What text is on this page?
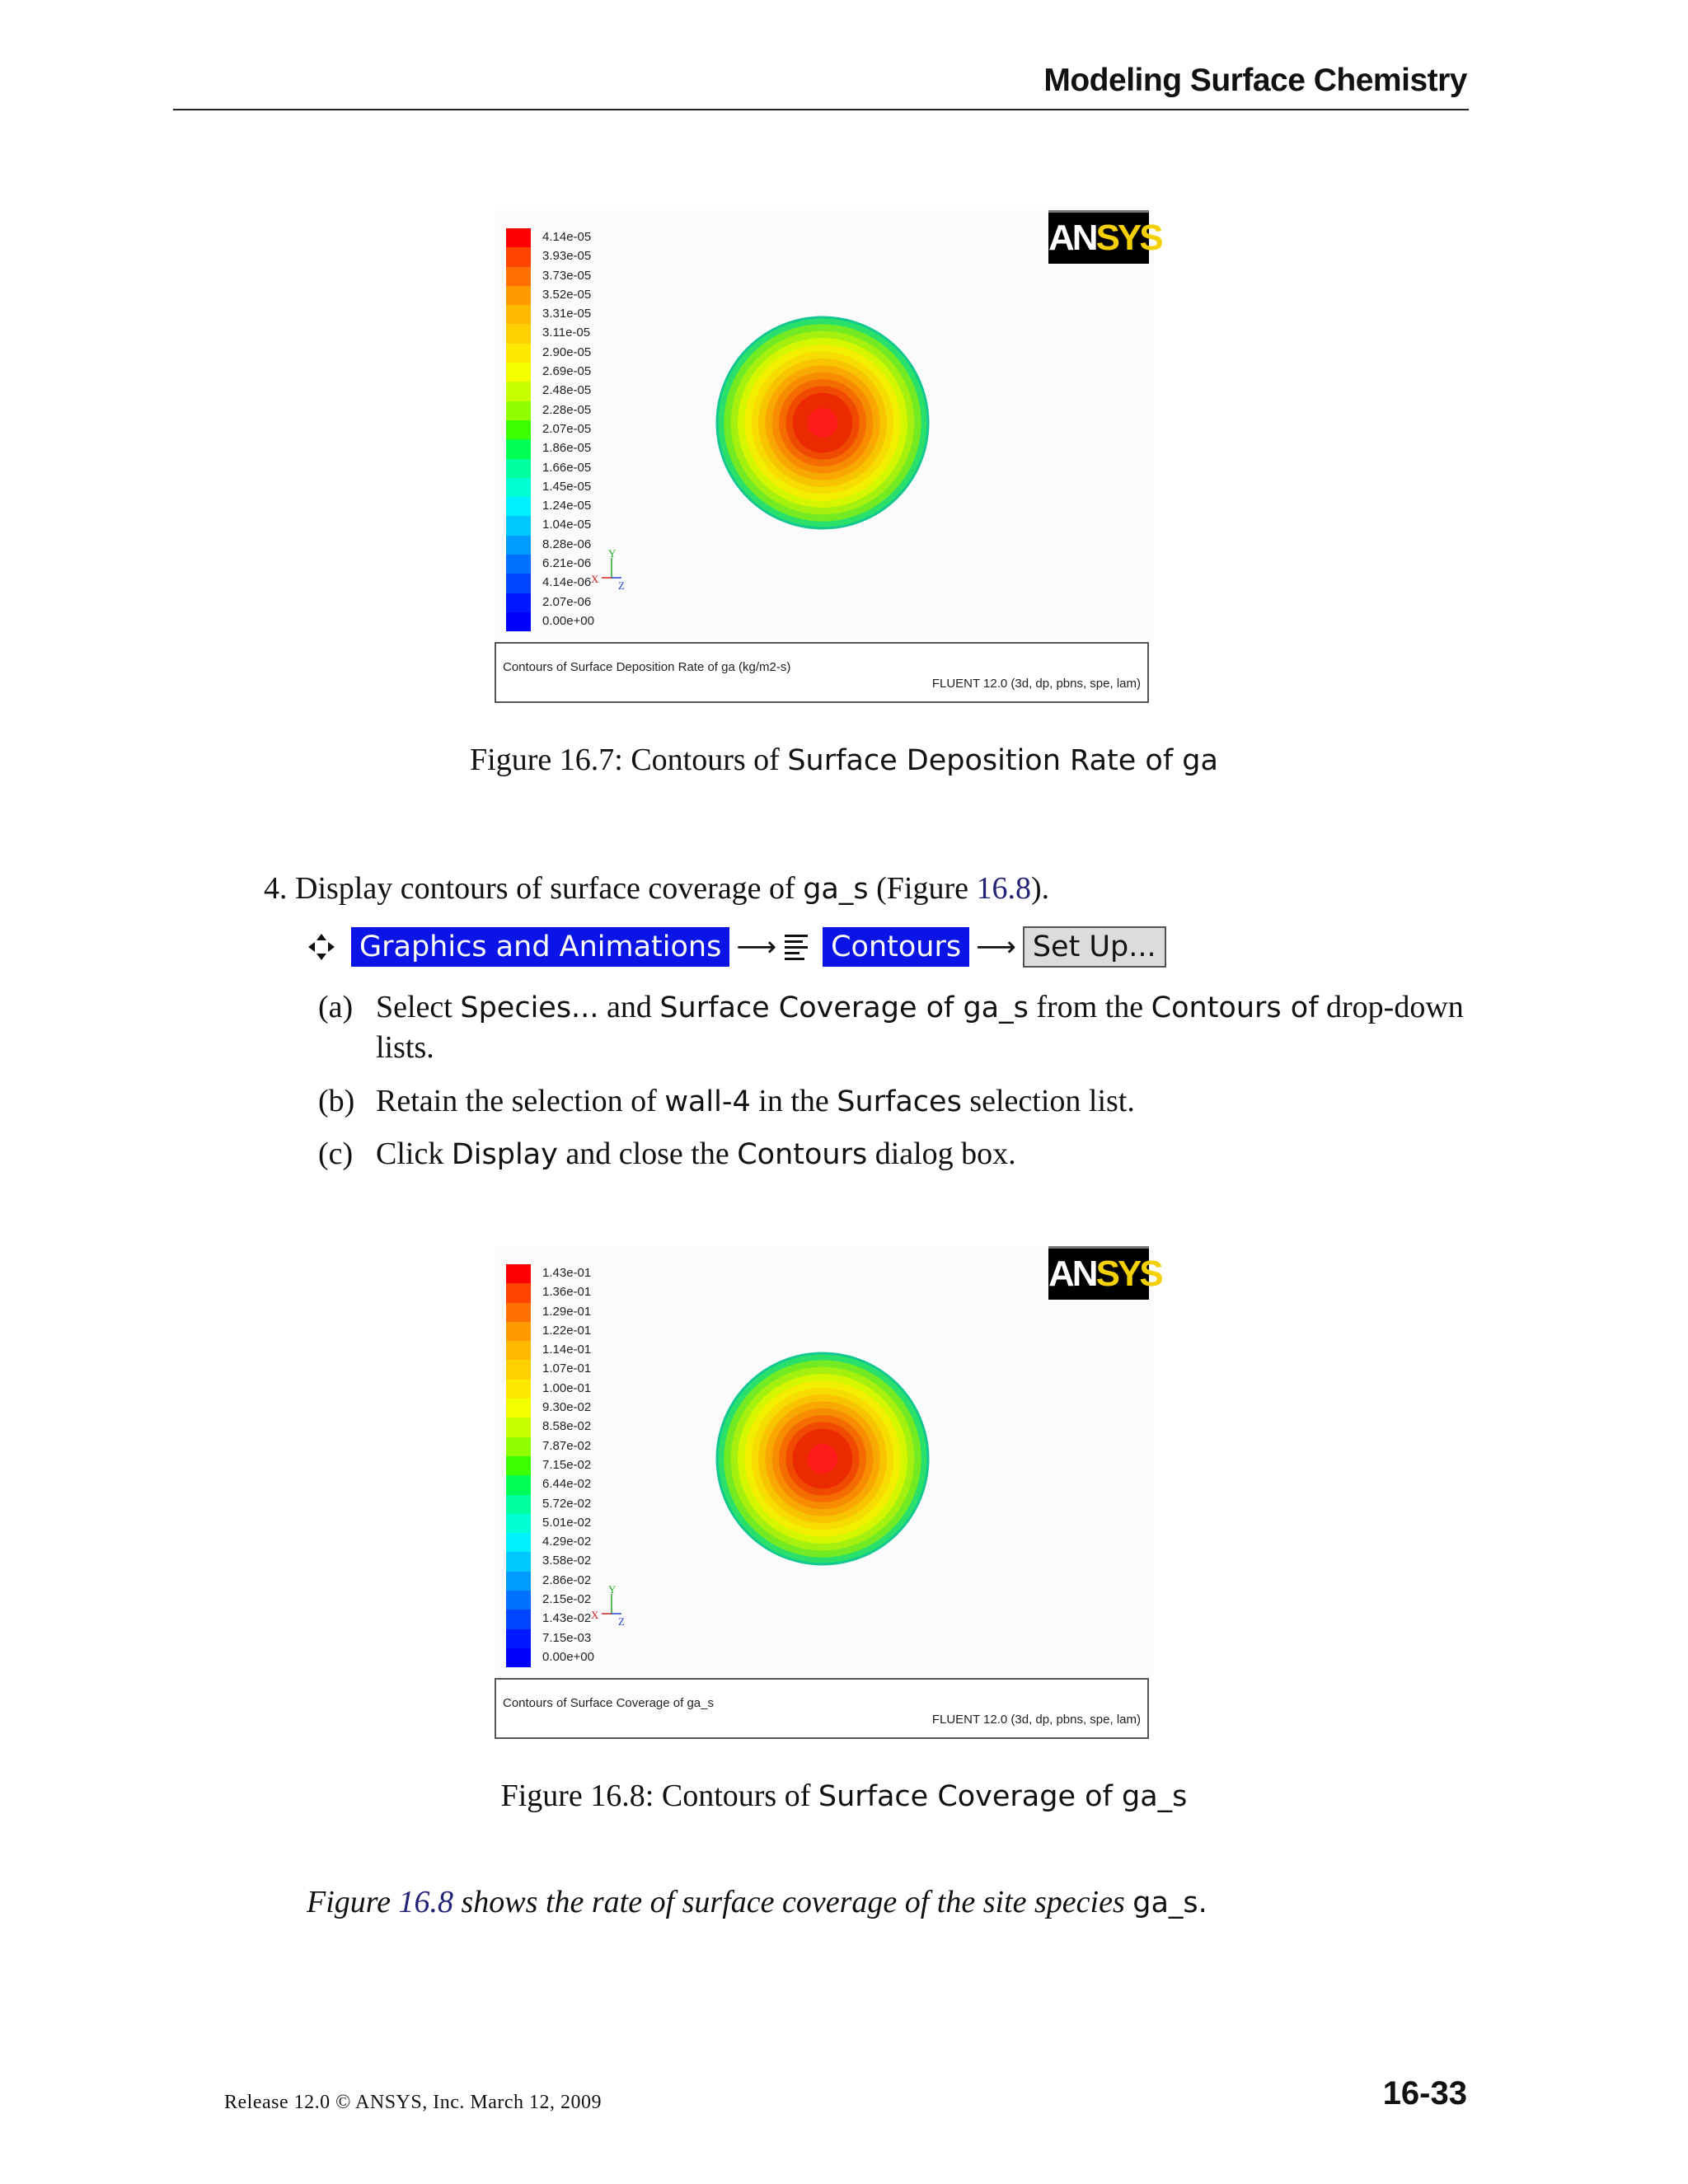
Modeling Surface Chemistry
4.14e-05
3.93e-05
3.73e-05
3.52e-05
3.31e-05
3.11e-05
2.90e-05
2.69e-05
2.48e-05
2.28e-05
2.07e-05
1.86e-05
1.66e-05
1.45e-05
1.24e-05
1.04e-05
8.28e-06
6.21e-06
4.14e-06
2.07e-06
0.00e+00
Y
X
Z
ANSYS
Contours of Surface Deposition Rate of ga (kg/m2-s)
FLUENT 12.0 (3d, dp, pbns, spe, lam)
Figure 16.7: Contours of Surface Deposition Rate of ga
4. Display contours of surface coverage of ga_s (Figure 16.8).
Graphics and Animations ⟶ Contours ⟶ Set Up...
(a) Select Species... and Surface Coverage of ga_s from the Contours of drop-down lists.
(b) Retain the selection of wall-4 in the Surfaces selection list.
(c) Click Display and close the Contours dialog box.
1.43e-01
1.36e-01
1.29e-01
1.22e-01
1.14e-01
1.07e-01
1.00e-01
9.30e-02
8.58e-02
7.87e-02
7.15e-02
6.44e-02
5.72e-02
5.01e-02
4.29e-02
3.58e-02
2.86e-02
2.15e-02
1.43e-02
7.15e-03
0.00e+00
Y
X
Z
ANSYS
Contours of Surface Coverage of ga_s
FLUENT 12.0 (3d, dp, pbns, spe, lam)
Figure 16.8: Contours of Surface Coverage of ga_s
Figure 16.8 shows the rate of surface coverage of the site species ga_s.
Release 12.0 © ANSYS, Inc. March 12, 2009	16-33
